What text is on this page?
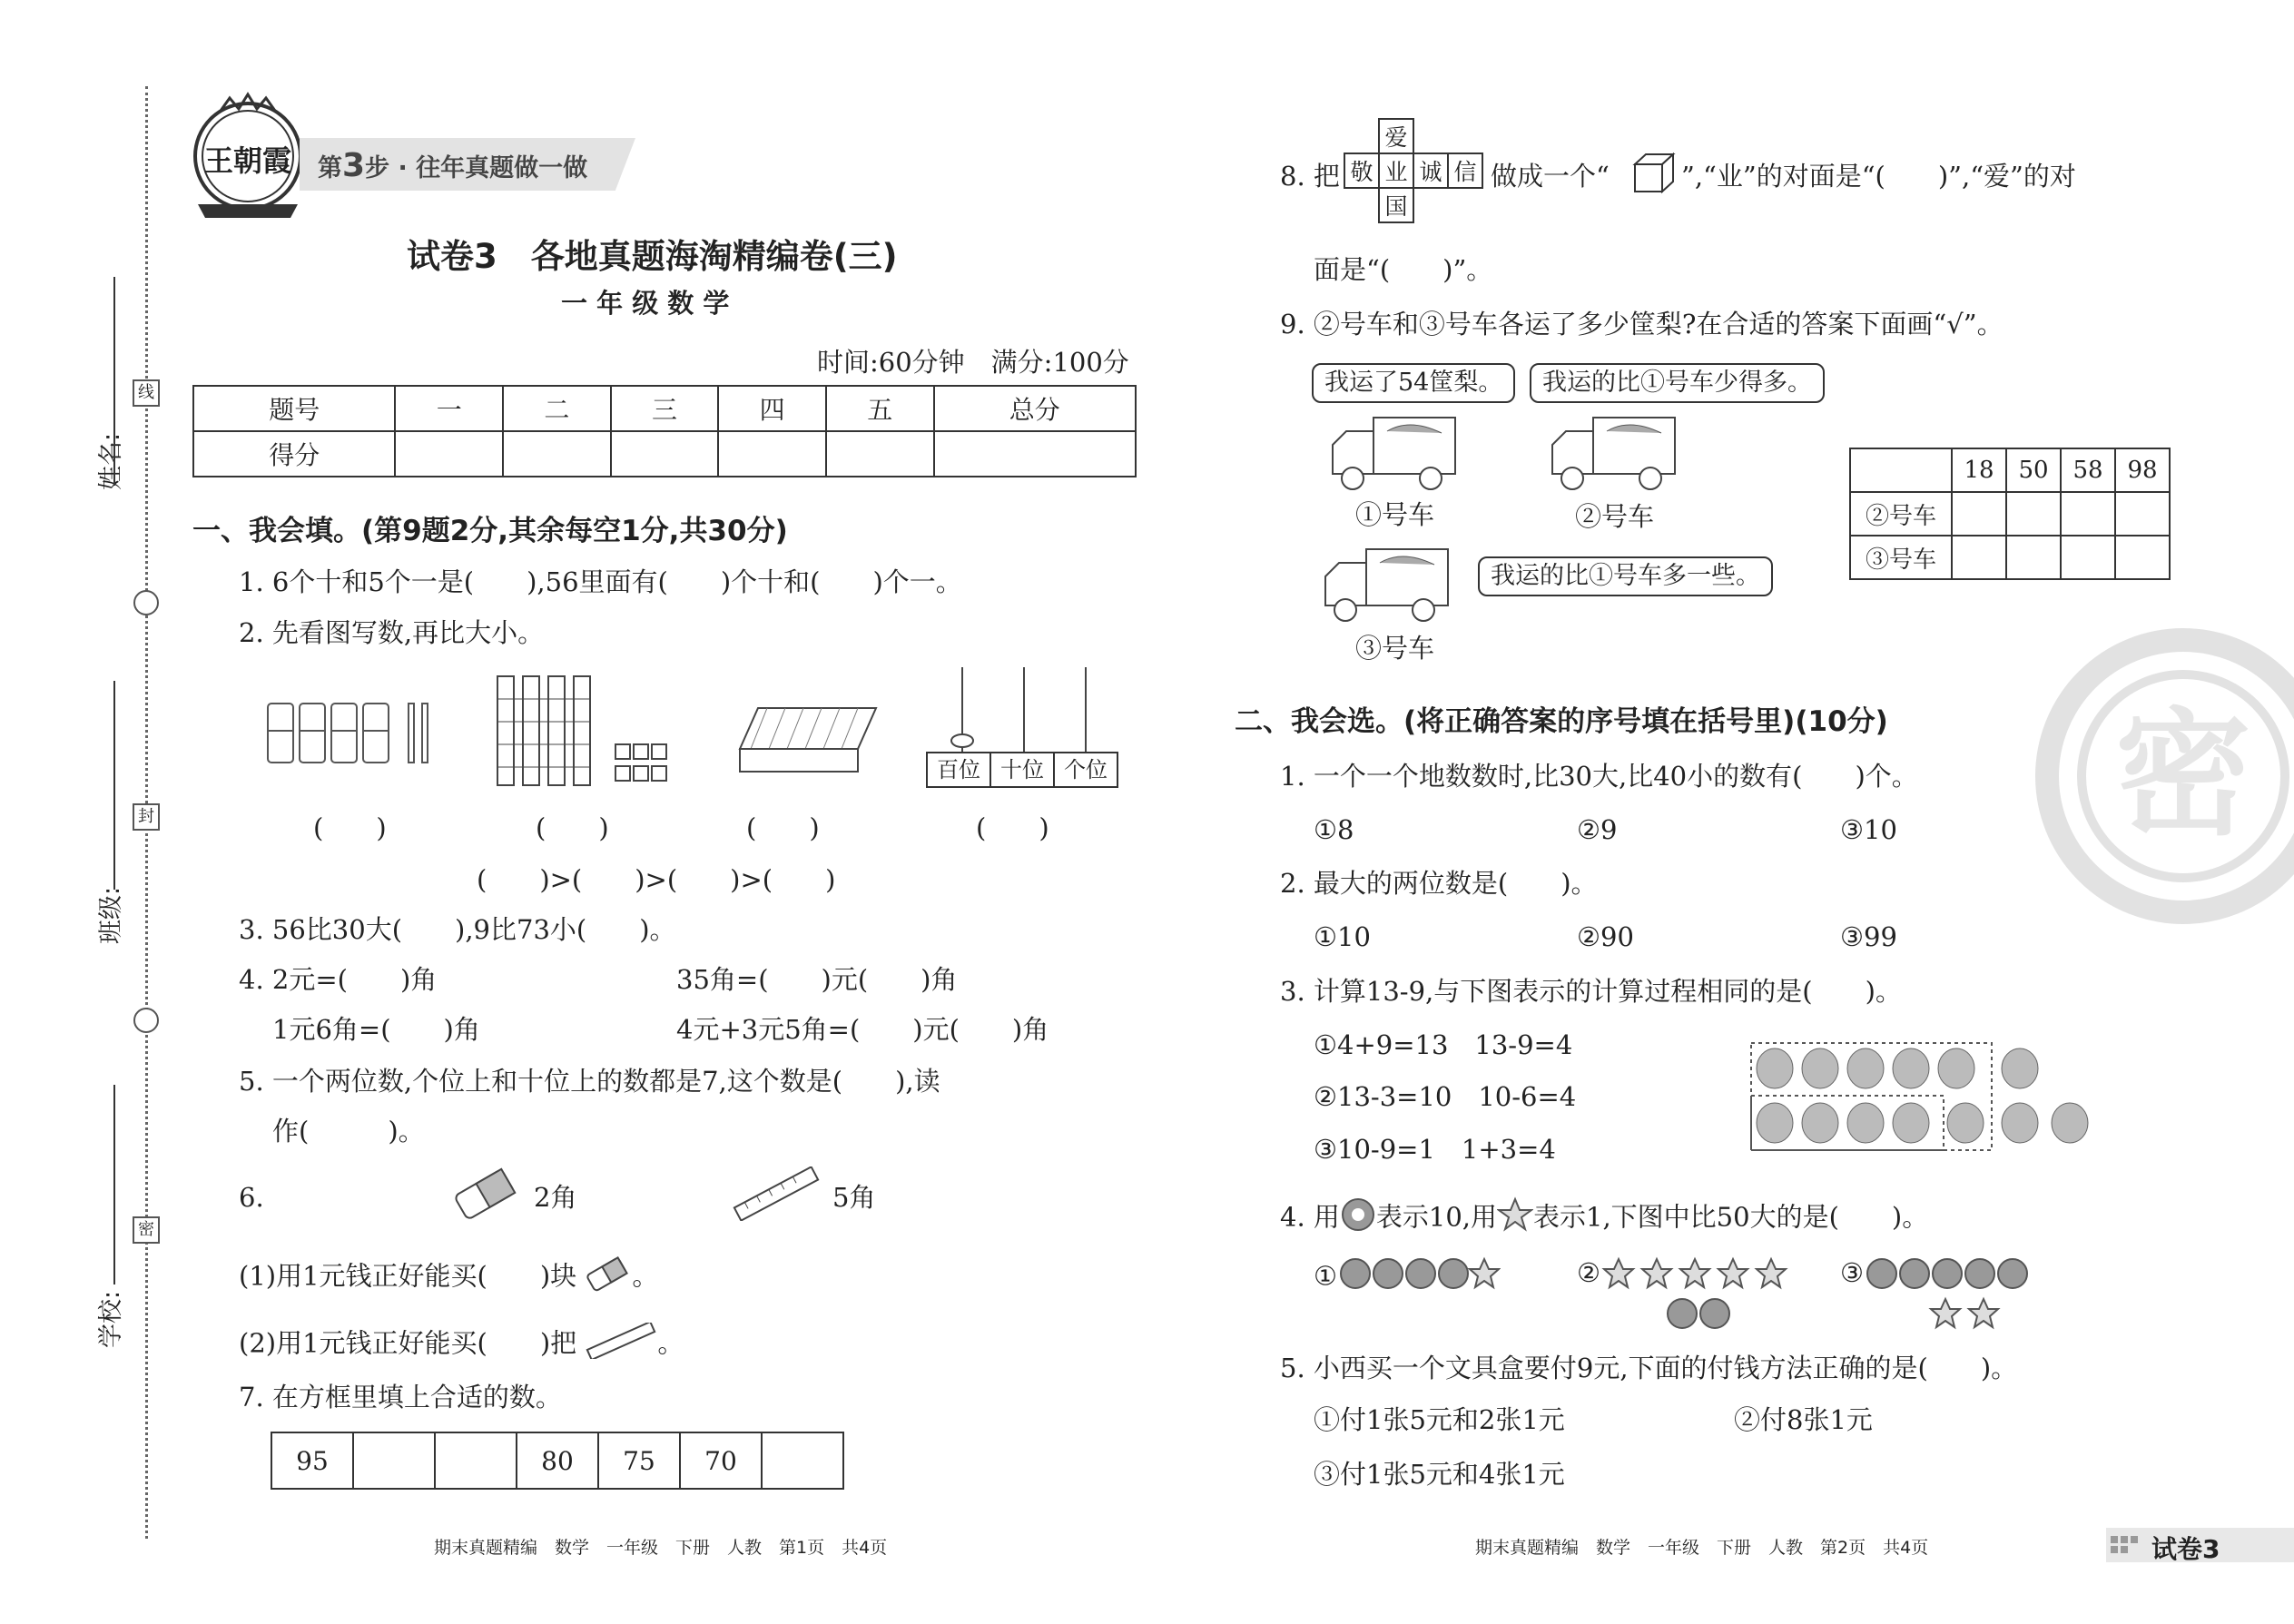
姓名:
班级:
学校:
线
封
密
王朝霞	第3步 · 往年真题做一做
试卷3　各地真题海淘精编卷(三)
一 年 级 数 学
时间:60分钟　满分:100分
题号	一	二	三	四	五	总分
得分						
一、我会填。(第9题2分,其余每空1分,共30分)
1. 6个十和5个一是(　　),56里面有(　　)个十和(　　)个一。
2. 先看图写数,再比大小。
百位 十位 个位
(　　)	(　　)	(　　)	(　　)
(　　)>(　　)>(　　)>(　　)
3. 56比30大(　　),9比73小(　　)。
4. 2元=(　　)角	35角=(　　)元(　　)角
1元6角=(　　)角	4元+3元5角=(　　)元(　　)角
5. 一个两位数,个位上和十位上的数都是7,这个数是(　　),读
作(　　　)。
6.	2角	5角
(1)用1元钱正好能买(　　)块 。
(2)用1元钱正好能买(　　)把	。
7. 在方框里填上合适的数。
95			80	75	70	
期末真题精编　数学　一年级　下册　人教　第1页　共4页
8. 把
	爱		
敬	业	诚	信
	国		
做成一个“	”,“业”的对面是“(　　)”,“爱”的对
面是“(　　)”。
9. ②号车和③号车各运了多少筐梨?在合适的答案下面画“√”。
我运了54筐梨。	我运的比①号车少得多。
①号车	②号车
我运的比①号车多一些。
③号车
	18	50	58	98
②号车				
③号车				
密
二、我会选。(将正确答案的序号填在括号里)(10分)
1. 一个一个地数数时,比30大,比40小的数有(　　)个。
①8	②9	③10
2. 最大的两位数是(　　)。
①10	②90	③99
3. 计算13-9,与下图表示的计算过程相同的是(　　)。
①4+9=13　13-9=4
②13-3=10　10-6=4
③10-9=1　1+3=4
4. 用 表示10,用 表示1,下图中比50大的是(　　)。
①	②	③
5. 小西买一个文具盒要付9元,下面的付钱方法正确的是(　　)。
①付1张5元和2张1元	②付8张1元
③付1张5元和4张1元
期末真题精编　数学　一年级　下册　人教　第2页　共4页	试卷3
